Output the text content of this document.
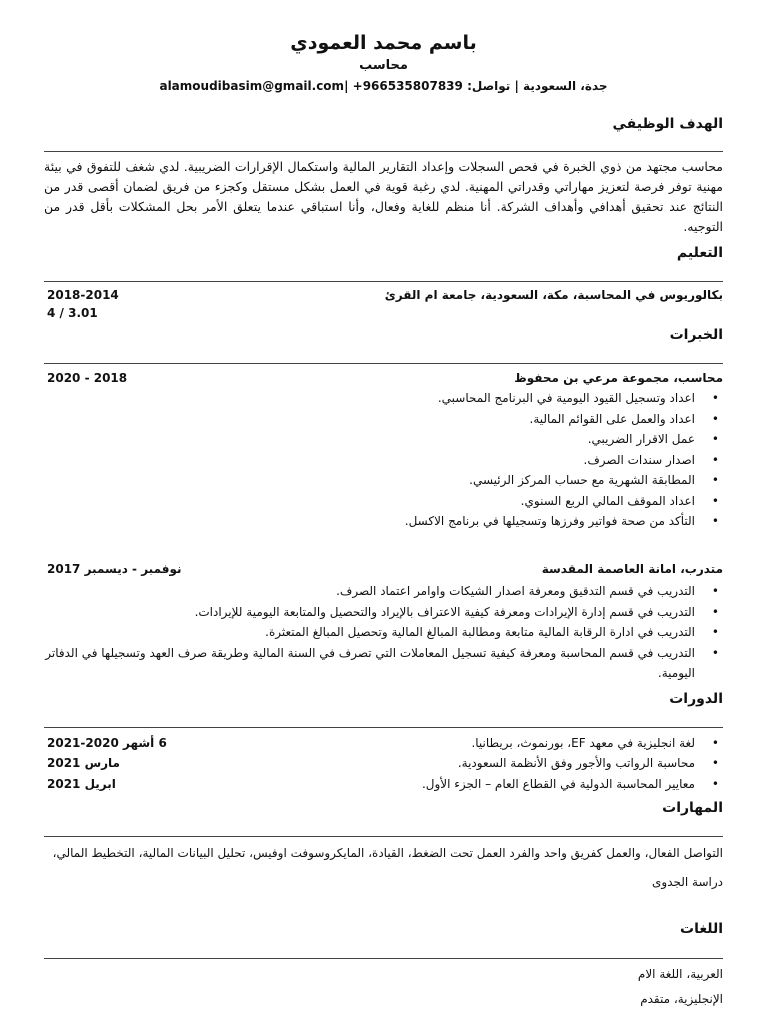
باسم محمد العمودي
محاسب
جدة، السعودية | تواصل: 966535807839+ |alamoudibasim@gmail.com
الهدف الوظيفي
محاسب مجتهد من ذوي الخبرة في فحص السجلات وإعداد التقارير المالية واستكمال الإقرارات الضريبية. لدي شغف للتفوق في بيئة مهنية توفر فرصة لتعزيز مهاراتي وقدراتي المهنية. لدي رغبة قوية في العمل بشكل مستقل وكجزء من فريق لضمان أقصى قدر من النتائج عند تحقيق أهدافي وأهداف الشركة. أنا منظم للغاية وفعال، وأنا استباقي عندما يتعلق الأمر بحل المشكلات بأقل قدر من التوجيه.
التعليم
بكالوريوس في المحاسبة، مكة، السعودية، جامعة ام القرئ
2018-2014
4 / 3.01
الخبرات
محاسب، مجموعة مرعي بن محفوظ
2020 - 2018
• اعداد وتسجيل القيود اليومية في البرنامج المحاسبي.
• اعداد والعمل على القوائم المالية.
• عمل الاقرار الضريبي.
• اصدار سندات الصرف.
• المطابقة الشهرية مع حساب المركز الرئيسي.
• اعداد الموقف المالي الربع السنوي.
• التأكد من صحة فواتير وفرزها وتسجيلها في برنامج الاكسل.
متدرب، امانة العاصمة المقدسة
نوفمبر - ديسمبر 2017
• التدريب في قسم التدقيق ومعرفة اصدار الشيكات واوامر اعتماد الصرف.
• التدريب في قسم إدارة الإيرادات ومعرفة كيفية الاعتراف بالإيراد والتحصيل والمتابعة اليومية للإيرادات.
• التدريب في ادارة الرقابة المالية متابعة ومطالبة المبالغ المالية وتحصيل المبالغ المتعثرة.
• التدريب في قسم المحاسبة ومعرفة كيفية تسجيل المعاملات التي تصرف في السنة المالية وطريقة صرف العهد وتسجيلها في الدفاتر اليومية.
الدورات
•
لغة انجليزية في معهد EF، بورنموث، بريطانيا.
6 أشهر 2020-2021
•
محاسبة الرواتب والأجور وفق الأنظمة السعودية.
مارس 2021
•
معايير المحاسبة الدولية في القطاع العام – الجزء الأول.
ابريل 2021
المهارات
التواصل الفعال، والعمل كفريق واحد والفرد العمل تحت الضغط، القيادة، المايكروسوفت اوفيس، تحليل البيانات المالية، التخطيط المالي،
دراسة الجدوى
اللغات
العربية، اللغة الام
الإنجليزية، متقدم
